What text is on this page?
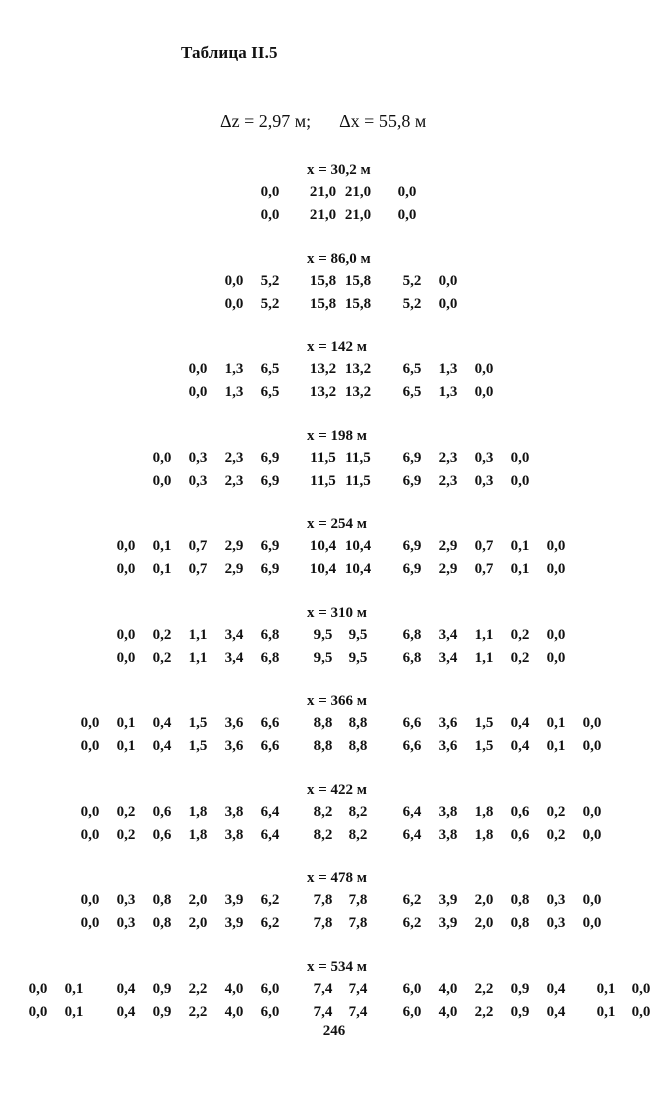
Таблица II.5
Δz = 2,97 м; Δx = 55,8 м
x = 30,2 м
0,0	21,0 21,0	0,0
0,0	21,0 21,0	0,0
x = 86,0 м
0,0	5,2	15,8 15,8	5,2	0,0
0,0	5,2	15,8 15,8	5,2	0,0
x = 142 м
0,0	1,3	6,5	13,2 13,2	6,5	1,3	0,0
0,0	1,3	6,5	13,2 13,2	6,5	1,3	0,0
x = 198 м
0,0	0,3	2,3	6,9	11,5 11,5	6,9	2,3	0,3	0,0
0,0	0,3	2,3	6,9	11,5 11,5	6,9	2,3	0,3	0,0
x = 254 м
0,0	0,1	0,7	2,9	6,9	10,4 10,4	6,9	2,9	0,7	0,1	0,0
0,0	0,1	0,7	2,9	6,9	10,4 10,4	6,9	2,9	0,7	0,1	0,0
x = 310 м
0,0	0,2	1,1	3,4	6,8	9,5	9,5	6,8	3,4	1,1	0,2	0,0
0,0	0,2	1,1	3,4	6,8	9,5	9,5	6,8	3,4	1,1	0,2	0,0
x = 366 м
0,0	0,1	0,4	1,5	3,6	6,6	8,8	8,8	6,6	3,6	1,5	0,4	0,1	0,0
0,0	0,1	0,4	1,5	3,6	6,6	8,8	8,8	6,6	3,6	1,5	0,4	0,1	0,0
x = 422 м
0,0	0,2	0,6	1,8	3,8	6,4	8,2	8,2	6,4	3,8	1,8	0,6	0,2	0,0
0,0	0,2	0,6	1,8	3,8	6,4	8,2	8,2	6,4	3,8	1,8	0,6	0,2	0,0
x = 478 м
0,0	0,3	0,8	2,0	3,9	6,2	7,8	7,8	6,2	3,9	2,0	0,8	0,3	0,0
0,0	0,3	0,8	2,0	3,9	6,2	7,8	7,8	6,2	3,9	2,0	0,8	0,3	0,0
x = 534 м
0,0	0,1	0,4	0,9	2,2	4,0	6,0	7,4	7,4	6,0	4,0	2,2	0,9	0,4	0,1	0,0
0,0	0,1	0,4	0,9	2,2	4,0	6,0	7,4	7,4	6,0	4,0	2,2	0,9	0,4	0,1	0,0
246
